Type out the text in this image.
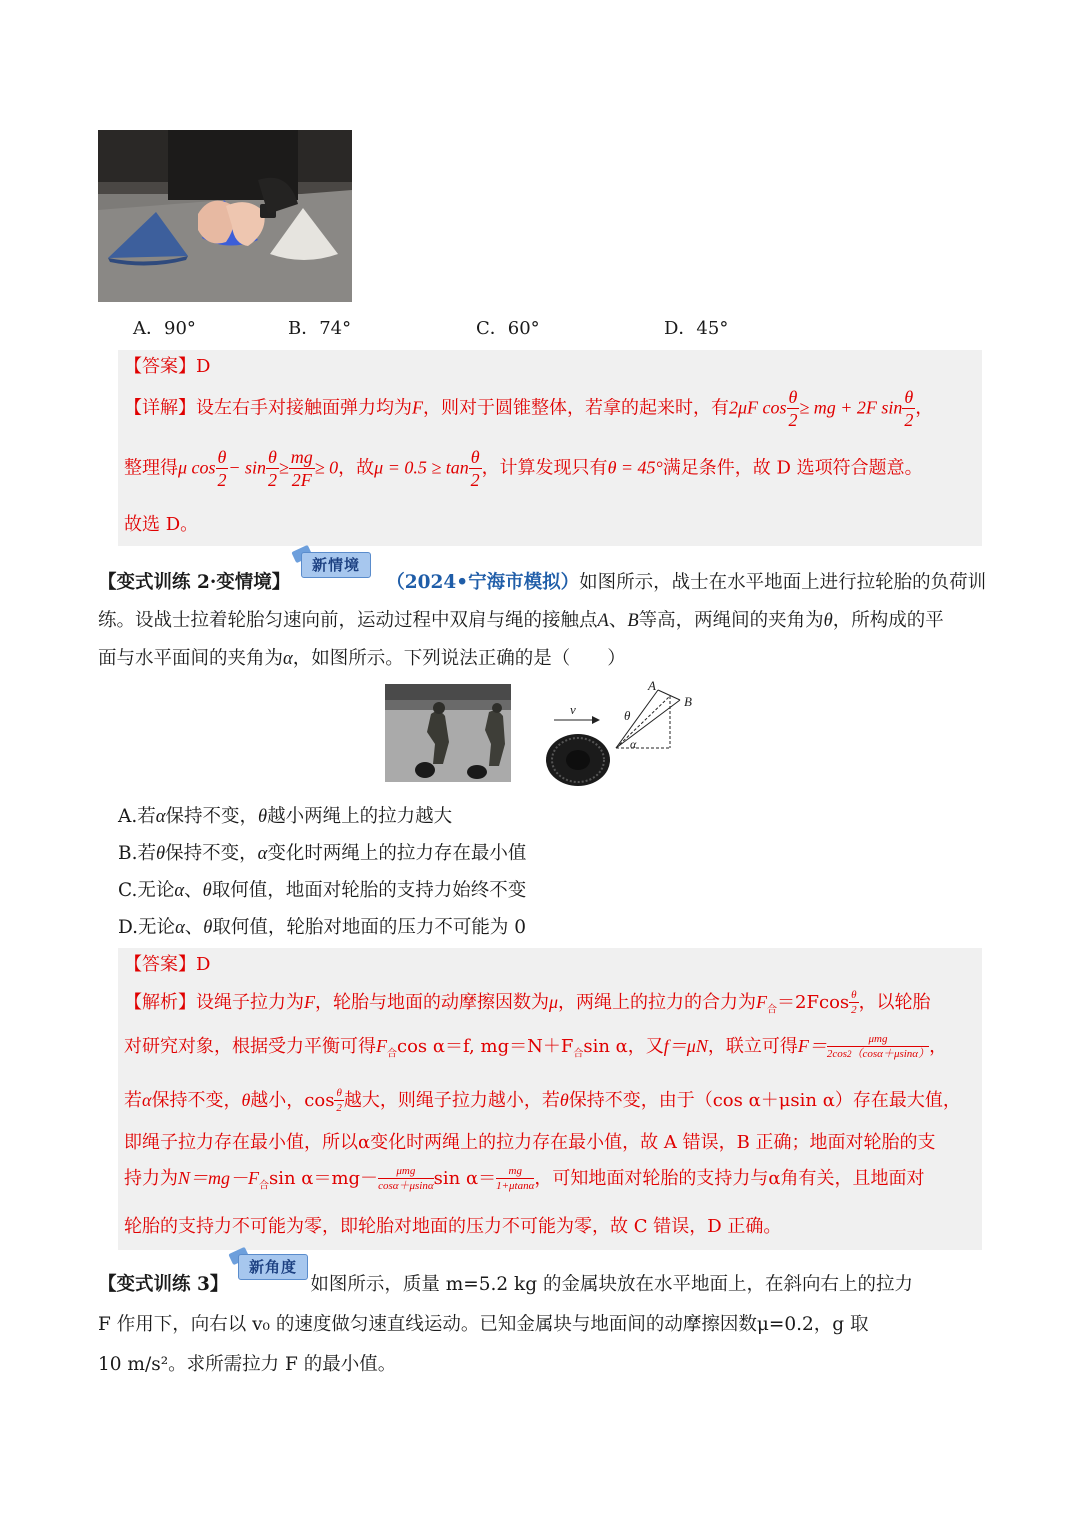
A．90°	B．74°	C．60°	D．45°
【答案】D
【详解】设左右手对接触面弹力均为F，则对于圆锥整体，若拿的起来时，有2μF $\cos \frac{\theta}{2}$ ≥ mg + 2F $\sin \frac{\theta}{2}$ ，
整理得μ $\cos \frac{\theta}{2} - \sin \frac{\theta}{2} \ge \frac{mg}{2F} \ge 0$，故$\mu = 0.5 \ge \tan \frac{\theta}{2}$ ，计算发现只有θ = 45°满足条件，故 D 选项符合题意。
故选 D。
【变式训练 2·变情境】	（2024•宁海市模拟）如图所示，战士在水平地面上进行拉轮胎的负荷训
新情境
练。设战士拉着轮胎匀速向前，运动过程中双肩与绳的接触点A、B等高，两绳间的夹角为θ，所构成的平
面与水平面间的夹角为α，如图所示。下列说法正确的是（　　）
v
A
B
θ
α
A.若α保持不变，θ越小两绳上的拉力越大
B.若θ保持不变，α变化时两绳上的拉力存在最小值
C.无论α、θ取何值，地面对轮胎的支持力始终不变
D.无论α、θ取何值，轮胎对地面的压力不可能为 0
【答案】D
【解析】设绳子拉力为F，轮胎与地面的动摩擦因数为μ，两绳上的拉力的合力为$F_合=2Fcos \frac{\theta}{2}$ ，以轮胎
对研究对象，根据受力平衡可得$F_合\cos$ α＝f, $mg=N+F_合\sin$ α，又f＝μN，联立可得$F= \frac{\text{μmg}}{2\cos 2(\cos\alpha+\mu\sin\alpha)}$ ，
若α保持不变，θ越小，$\cos \frac{\theta}{2}$ 越大，则绳子拉力越小，若θ保持不变，由于（cos α＋μsin α）存在最大值，
即绳子拉力存在最小值，所以α变化时两绳上的拉力存在最小值，故 A 错误，B 正确；地面对轮胎的支
持力为$N=mg-F_合\sin$ $\alpha=mg- \frac{\text{μmg}}{\cos\alpha+\mu\sin\alpha}$ $\sin \alpha= \frac{mg}{1+\mu\tan\alpha}$ ，可知地面对轮胎的支持力与α角有关，且地面对
轮胎的支持力不可能为零，即轮胎对地面的压力不可能为零，故 C 错误，D 正确。
【变式训练 3】	如图所示，质量 m=5.2 kg 的金属块放在水平地面上，在斜向右上的拉力
新角度
F 作用下，向右以 v₀ 的速度做匀速直线运动。已知金属块与地面间的动摩擦因数μ=0.2，g 取
10 m/s²。求所需拉力 F 的最小值。
